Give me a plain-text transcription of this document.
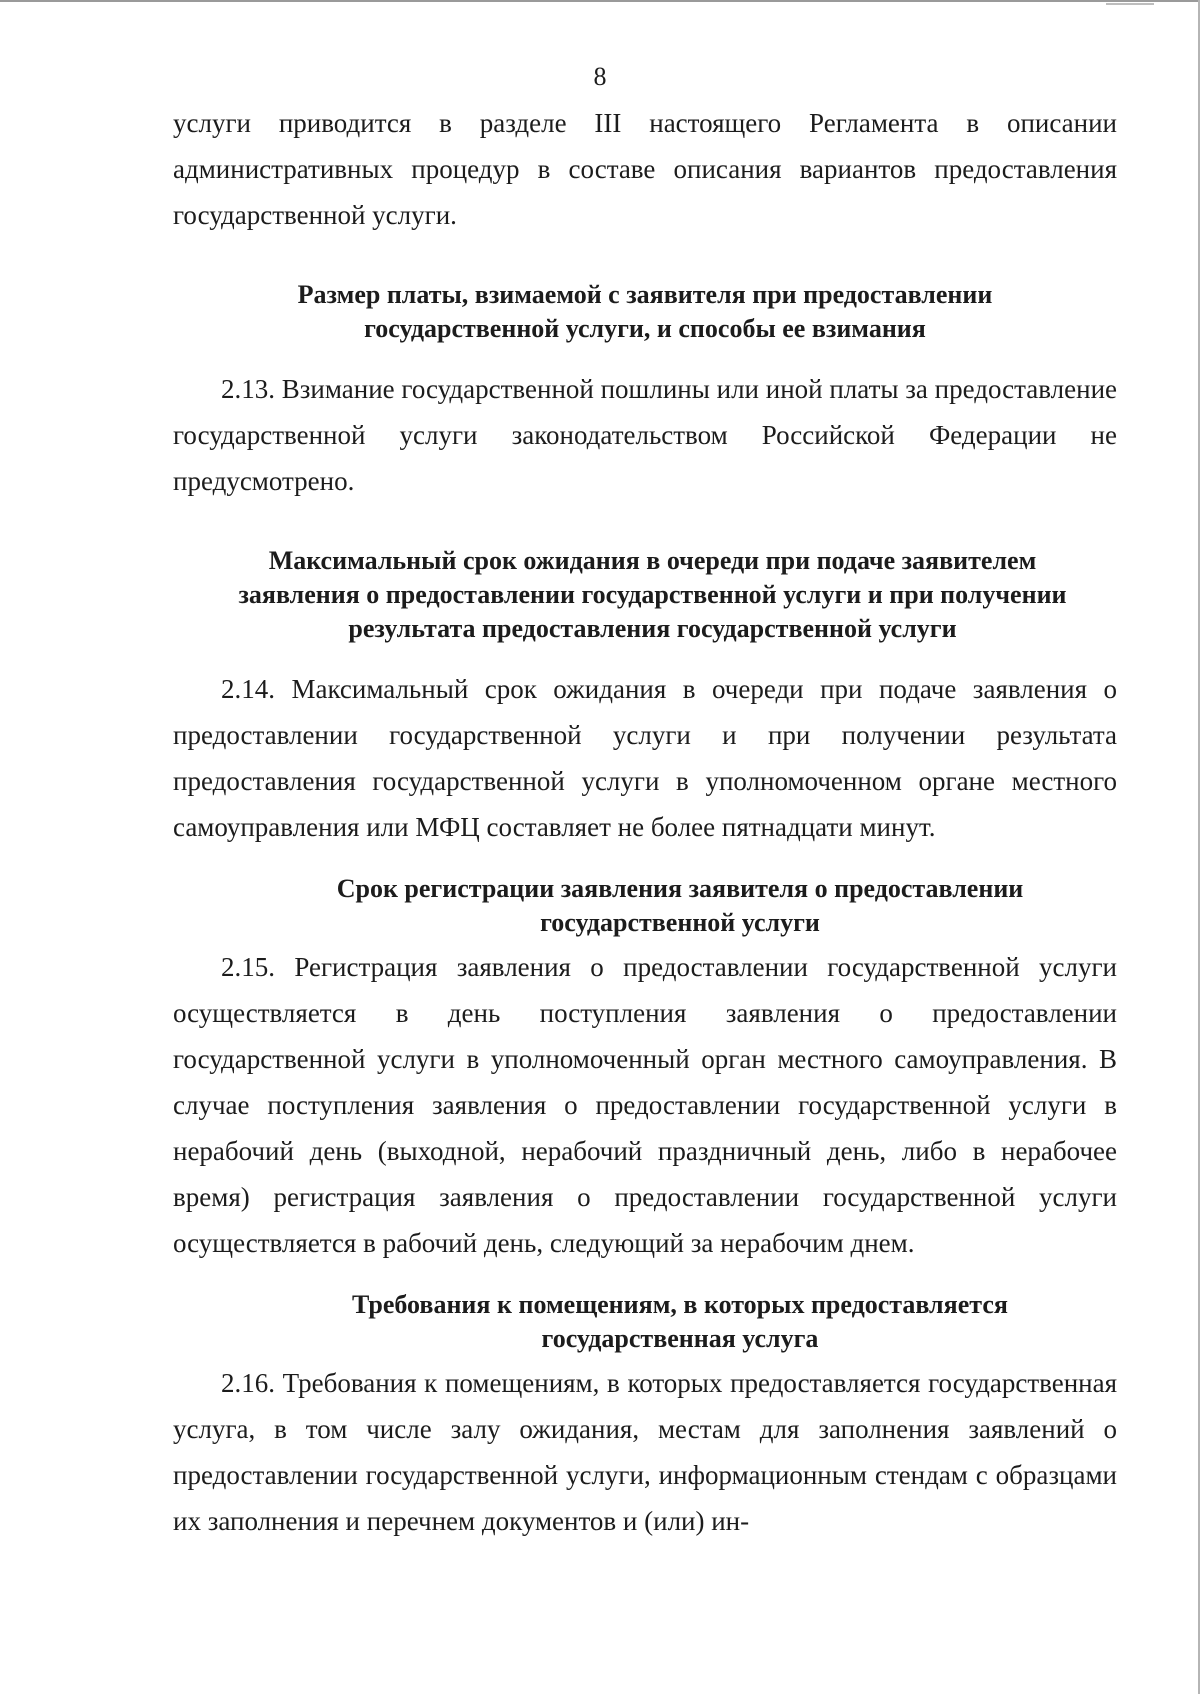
8

услуги приводится в разделе III настоящего Регламента в описании административных процедур в составе описания вариантов предоставления государственной услуги.

Размер платы, взимаемой с заявителя при предоставлении
государственной услуги, и способы ее взимания

2.13. Взимание государственной пошлины или иной платы за предоставление государственной услуги законодательством Российской Федерации не предусмотрено.

Максимальный срок ожидания в очереди при подаче заявителем
заявления о предоставлении государственной услуги и при получении
результата предоставления государственной услуги

2.14. Максимальный срок ожидания в очереди при подаче заявления о предоставлении государственной услуги и при получении результата предоставления государственной услуги в уполномоченном органе местного самоуправления или МФЦ составляет не более пятнадцати минут.

Срок регистрации заявления заявителя о предоставлении
государственной услуги

2.15. Регистрация заявления о предоставлении государственной услуги осуществляется в день поступления заявления о предоставлении государственной услуги в уполномоченный орган местного самоуправления. В случае поступления заявления о предоставлении государственной услуги в нерабочий день (выходной, нерабочий праздничный день, либо в нерабочее время) регистрация заявления о предоставлении государственной услуги осуществляется в рабочий день, следующий за нерабочим днем.

Требования к помещениям, в которых предоставляется
государственная услуга

2.16. Требования к помещениям, в которых предоставляется государственная услуга, в том числе залу ожидания, местам для заполнения заявлений о предоставлении государственной услуги, информационным стендам с образцами их заполнения и перечнем документов и (или) ин-
